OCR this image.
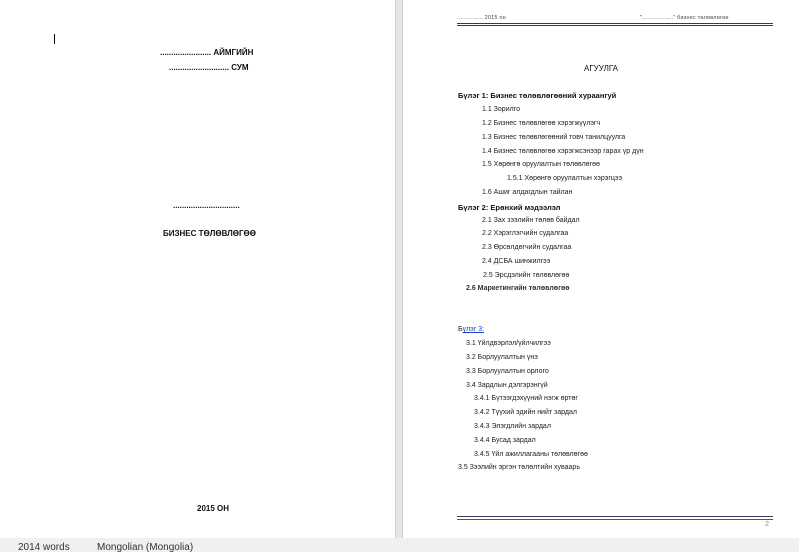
....................... АЙМГИЙН
........................... СУМ
..............................
БИЗНЕС ТӨЛӨВЛӨГӨӨ
2015 ОН
............... 2015 он	".................." бизнес төлөвлөгөө
АГУУЛГА
Бүлэг 1: Бизнес төлөвлөгөөний хураангуй
1.1 Зорилго
1.2 Бизнес төлөвлөгөө хэрэгжүүлэгч
1.3 Бизнес төлөвлөгөөний товч танилцуулга
1.4 Бизнес төлөвлөгөө хэрэгжсэнээр гарах үр дүн
1.5 Хөрөнгө оруулалтын төлөвлөгөө
1.5.1 Хөрөнгө оруулалтын хэрэгцээ
1.6 Ашиг алдагдлын тайлан
Бүлэг 2: Ерөнхий мэдээлэл
2.1 Зах зээлийн төлөв байдал
2.2 Хэрэглэгчийн судалгаа
2.3 Өрсөлдөгчийн судалгаа
2.4 ДСБА шинжилгээ
2.5 Эрсдэлийн төлөвлөгөө
2.6 Маркетингийн төлөвлөгөө
Бүлэг 3:
3.1 Үйлдвэрлэл/үйлчилгээ
3.2 Борлуулалтын үнэ
3.3 Борлуулалтын орлого
3.4 Зардлын дэлгэрэнгүй
3.4.1 Бүтээгдэхүүний нэгж өртөг
3.4.2 Түүхий эдийн нийт зардал
3.4.3 Элэгдлийн зардал
3.4.4 Бусад зардал
3.4.5 Үйл ажиллагааны төлөвлөгөө
3.5 Зээлийн эргэн төлөлтийн хуваарь
2
2014 words	Mongolian (Mongolia)
